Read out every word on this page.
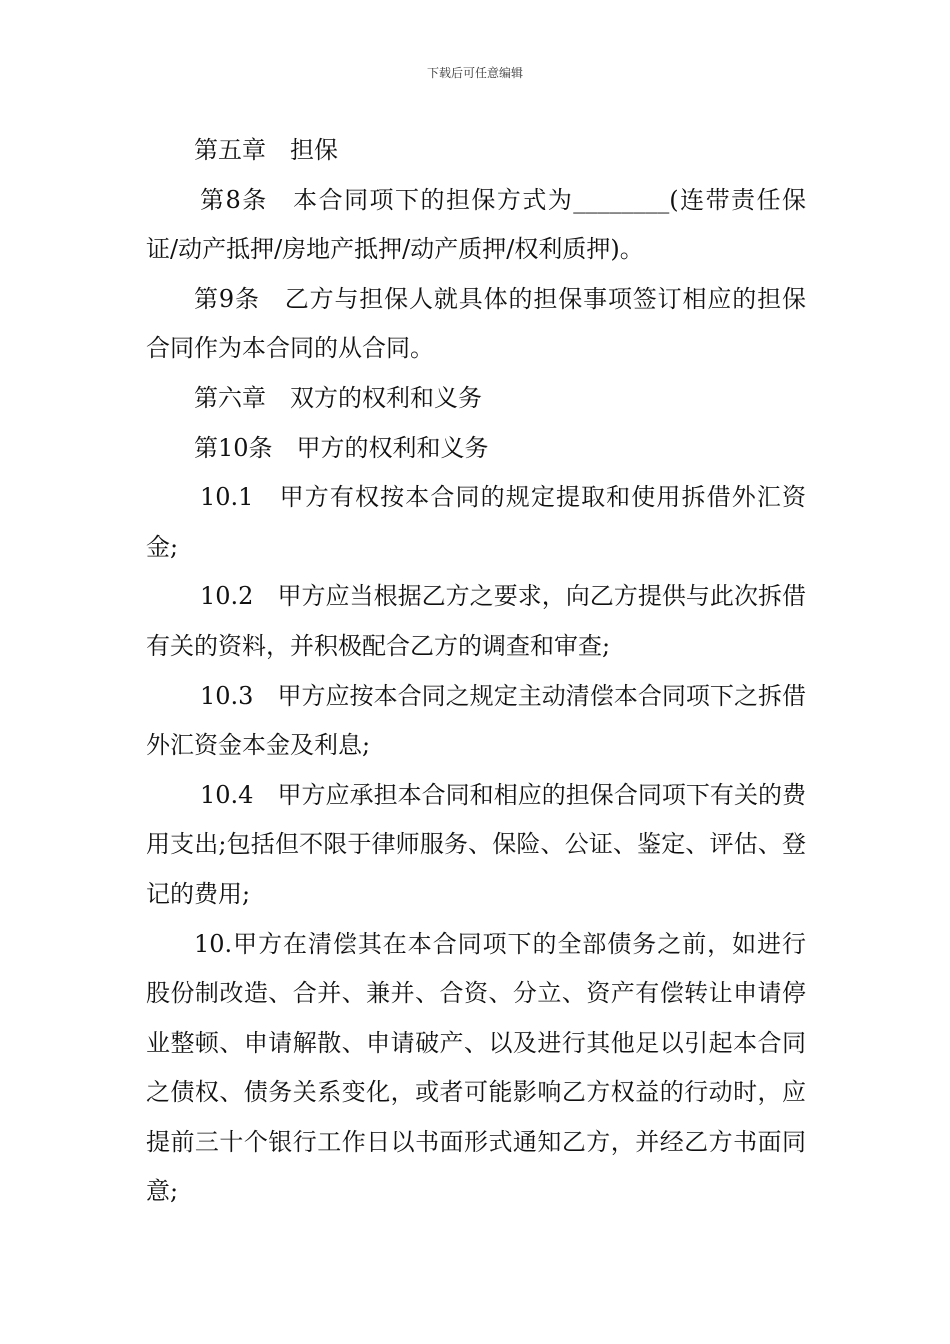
下载后可任意编辑

第五章　担保

第8条　本合同项下的担保方式为________(连带责任保证/动产抵押/房地产抵押/动产质押/权利质押)。

第9条　乙方与担保人就具体的担保事项签订相应的担保合同作为本合同的从合同。

第六章　双方的权利和义务

第10条　甲方的权利和义务

10.1　甲方有权按本合同的规定提取和使用拆借外汇资金;

10.2　甲方应当根据乙方之要求，向乙方提供与此次拆借有关的资料，并积极配合乙方的调查和审查;

10.3　甲方应按本合同之规定主动清偿本合同项下之拆借外汇资金本金及利息;

10.4　甲方应承担本合同和相应的担保合同项下有关的费用支出;包括但不限于律师服务、保险、公证、鉴定、评估、登记的费用;

10.甲方在清偿其在本合同项下的全部债务之前，如进行股份制改造、合并、兼并、合资、分立、资产有偿转让申请停业整顿、申请解散、申请破产、以及进行其他足以引起本合同之债权、债务关系变化，或者可能影响乙方权益的行动时，应提前三十个银行工作日以书面形式通知乙方，并经乙方书面同意;
